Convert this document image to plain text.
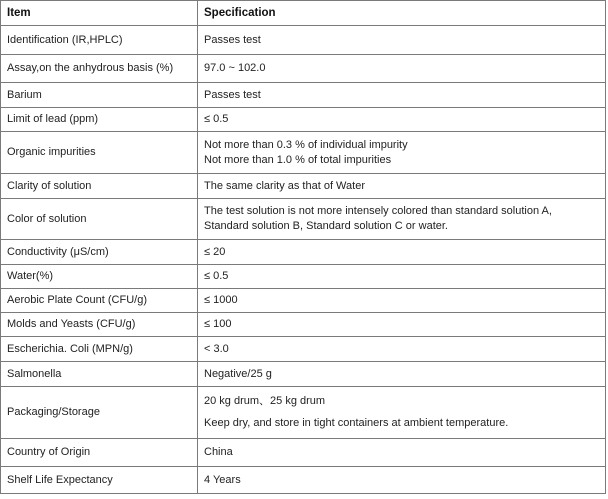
Item	Specification
Identification (IR,HPLC)	Passes test

Assay,on the anhydrous basis (%)	97.0 ~ 102.0

Barium	Passes test

Limit of lead (ppm)	≤ 0.5

Organic impurities	Not more than 0.3 % of individual impurity
Not more than 1.0 % of total impurities

Clarity of solution	The same clarity as that of Water

Color of solution	The test solution is not more intensely colored than standard solution A,
Standard solution B, Standard solution C or water.

Conductivity (μS/cm)	≤ 20

Water(%)	≤ 0.5

Aerobic Plate Count (CFU/g)	≤ 1000

Molds and Yeasts (CFU/g)	≤ 100

Escherichia. Coli (MPN/g)	< 3.0

Salmonella	Negative/25 g

Packaging/Storage	20 kg drum、25 kg drum
Keep dry, and store in tight containers at ambient temperature.

Country of Origin	China

Shelf Life Expectancy	4 Years
